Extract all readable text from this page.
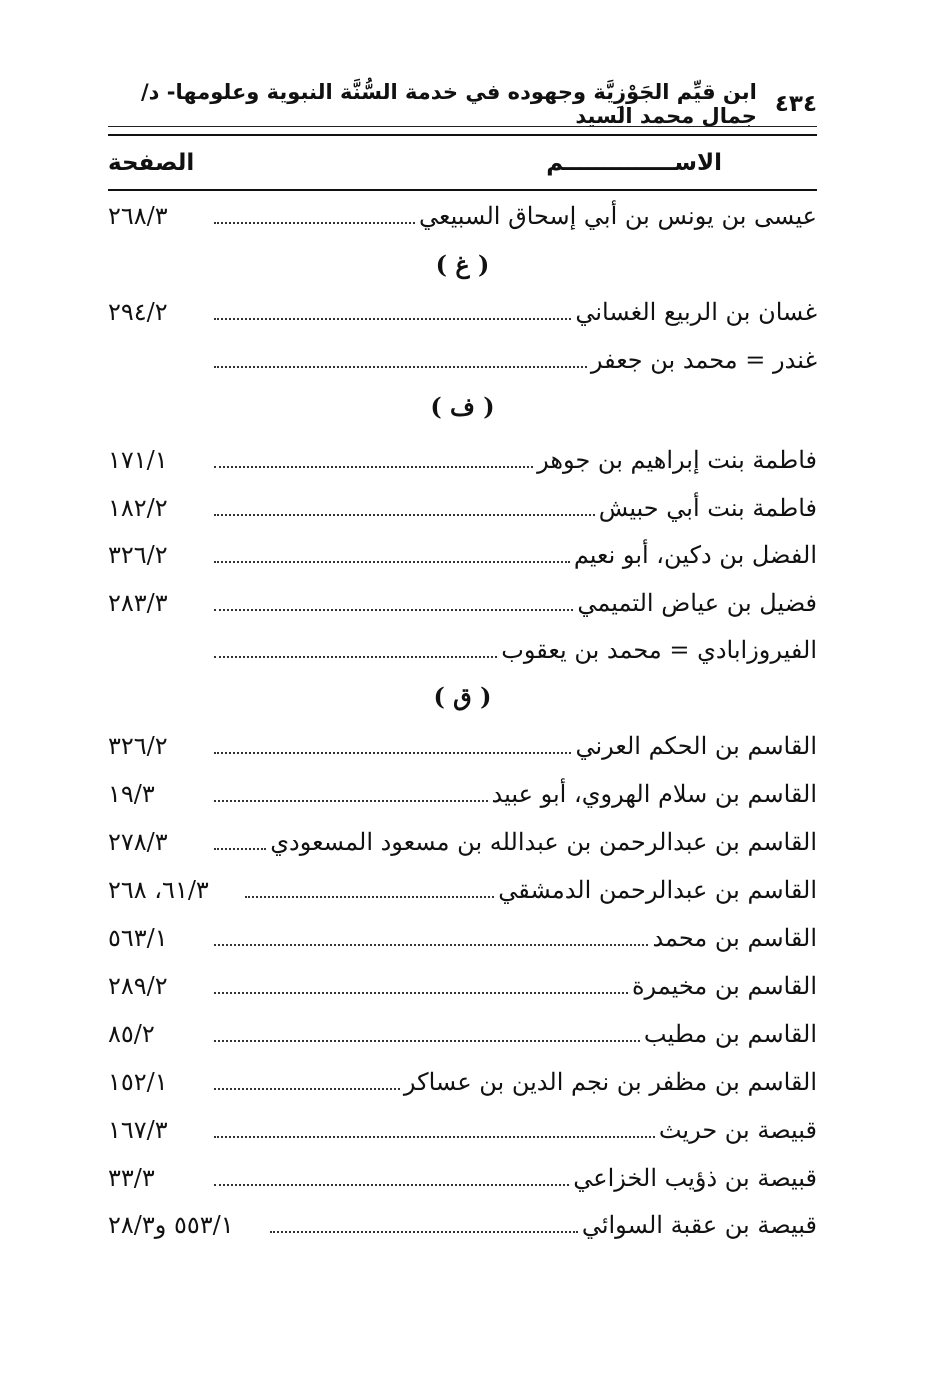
٤٣٤
ابن قيِّم الجَوْزِيَّة وجهوده في خدمة السُّنَّة النبوية وعلومها- د/جمال محمد السيد
الاســــــــــــــم
الصفحة
عيسى بن يونس بن أبي إسحاق السبيعي
٢٦٨/٣
( غ )
غسان بن الربيع الغساني
٢٩٤/٢
غندر = محمد بن جعفر
( ف )
فاطمة بنت إبراهيم بن جوهر
١٧١/١
فاطمة بنت أبي حبيش
١٨٢/٢
الفضل بن دكين، أبو نعيم
٣٢٦/٢
فضيل بن عياض التميمي
٢٨٣/٣
الفيروزابادي = محمد بن يعقوب
( ق )
القاسم بن الحكم العرني
٣٢٦/٢
القاسم بن سلام الهروي، أبو عبيد
١٩/٣
القاسم بن عبدالرحمن بن عبدالله بن مسعود المسعودي
٢٧٨/٣
القاسم بن عبدالرحمن الدمشقي
٦١/٣، ٢٦٨
القاسم بن محمد
٥٦٣/١
القاسم بن مخيمرة
٢٨٩/٢
القاسم بن مطيب
٨٥/٢
القاسم بن مظفر بن نجم الدين بن عساكر
١٥٢/١
قبيصة بن حريث
١٦٧/٣
قبيصة بن ذؤيب الخزاعي
٣٣/٣
قبيصة بن عقبة السوائي
٥٥٣/١ و٢٨/٣
